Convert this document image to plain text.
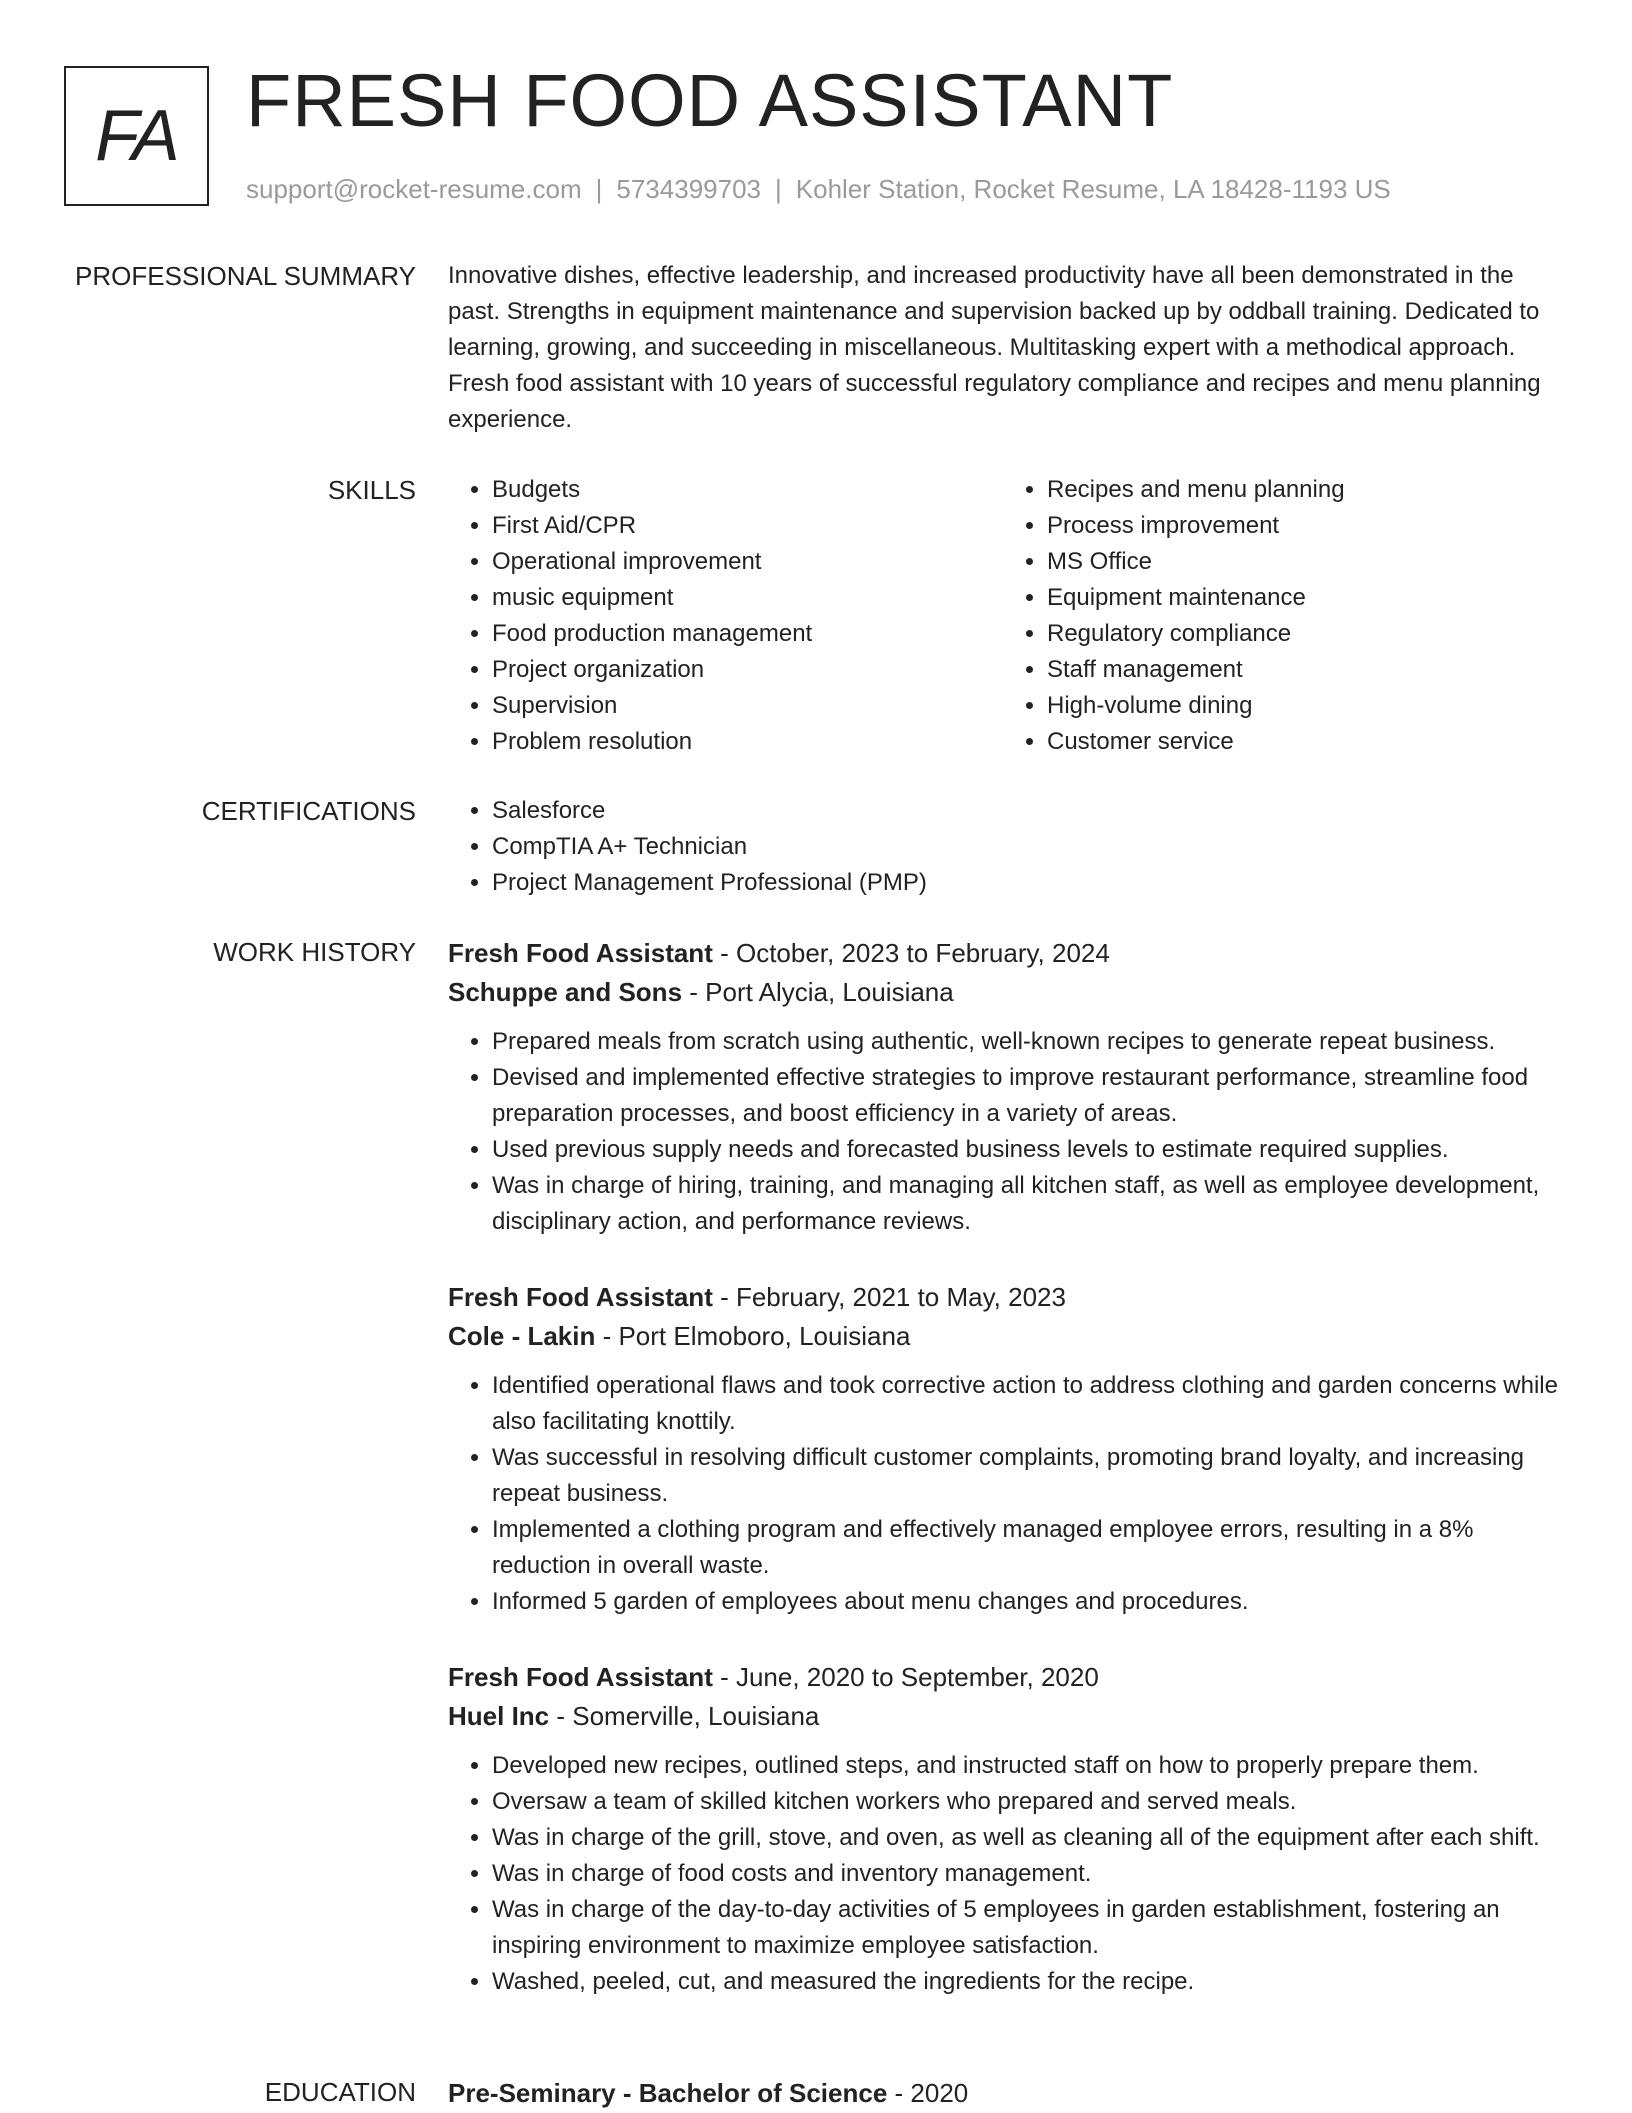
FA FRESH FOOD ASSISTANT
support@rocket-resume.com | 5734399703 | Kohler Station, Rocket Resume, LA 18428-1193 US
PROFESSIONAL SUMMARY Innovative dishes, effective leadership, and increased productivity have all been demonstrated in the past. Strengths in equipment maintenance and supervision backed up by oddball training. Dedicated to learning, growing, and succeeding in miscellaneous. Multitasking expert with a methodical approach. Fresh food assistant with 10 years of successful regulatory compliance and recipes and menu planning experience.
SKILLS	• Budgets
• First Aid/CPR
• Operational improvement
• music equipment
• Food production management
• Project organization
• Supervision
• Problem resolution
• Recipes and menu planning
• Process improvement
• MS Office
• Equipment maintenance
• Regulatory compliance
• Staff management
• High-volume dining
• Customer service
CERTIFICATIONS	• Salesforce
• CompTIA A+ Technician
• Project Management Professional (PMP)
WORK HISTORY Fresh Food Assistant - October, 2023 to February, 2024
Schuppe and Sons - Port Alycia, Louisiana
• Prepared meals from scratch using authentic, well-known recipes to generate repeat business.
• Devised and implemented effective strategies to improve restaurant performance, streamline food preparation processes, and boost efficiency in a variety of areas.
• Used previous supply needs and forecasted business levels to estimate required supplies.
• Was in charge of hiring, training, and managing all kitchen staff, as well as employee development, disciplinary action, and performance reviews.
Fresh Food Assistant - February, 2021 to May, 2023
Cole - Lakin - Port Elmoboro, Louisiana
• Identified operational flaws and took corrective action to address clothing and garden concerns while also facilitating knottily.
• Was successful in resolving difficult customer complaints, promoting brand loyalty, and increasing repeat business.
• Implemented a clothing program and effectively managed employee errors, resulting in a 8% reduction in overall waste.
• Informed 5 garden of employees about menu changes and procedures.
Fresh Food Assistant - June, 2020 to September, 2020
Huel Inc - Somerville, Louisiana
• Developed new recipes, outlined steps, and instructed staff on how to properly prepare them.
• Oversaw a team of skilled kitchen workers who prepared and served meals.
• Was in charge of the grill, stove, and oven, as well as cleaning all of the equipment after each shift.
• Was in charge of food costs and inventory management.
• Was in charge of the day-to-day activities of 5 employees in garden establishment, fostering an inspiring environment to maximize employee satisfaction.
• Washed, peeled, cut, and measured the ingredients for the recipe.
EDUCATION Pre-Seminary - Bachelor of Science - 2020
